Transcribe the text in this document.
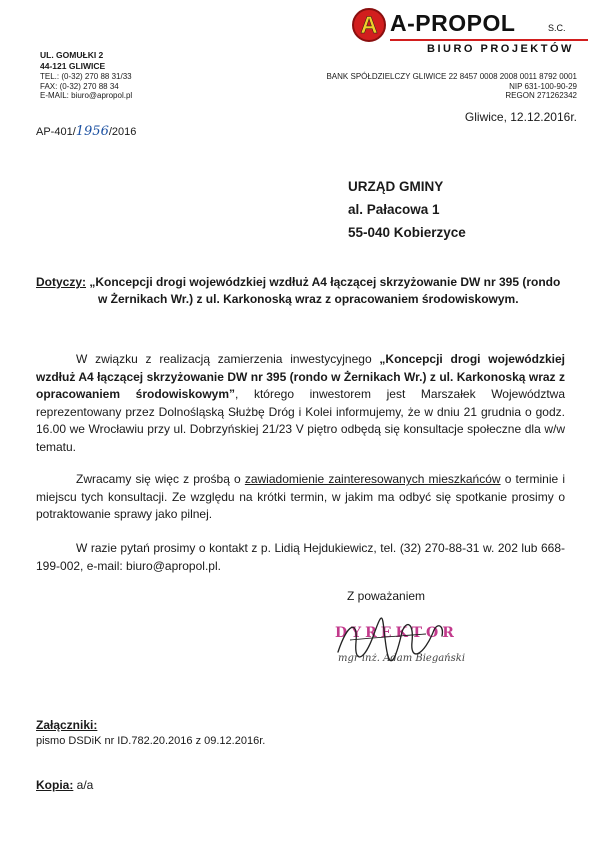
A A-PROPOL	S.C.
BIURO PROJEKTÓW
UL. GOMUŁKI 2
44-121 GLIWICE
TEL.: (0-32) 270 88 31/33
FAX: (0-32) 270 88 34
E-MAIL: biuro@apropol.pl
BANK SPÓŁDZIELCZY GLIWICE 22 8457 0008 2008 0011 8792 0001
NIP 631-100-90-29
REGON 271262342
Gliwice, 12.12.2016r.
AP-401/1956/2016
URZĄD GMINY
al. Pałacowa 1
55-040 Kobierzyce
Dotyczy: „Koncepcji drogi wojewódzkiej wzdłuż A4 łączącej skrzyżowanie DW nr 395 (rondo
w Żernikach Wr.) z ul. Karkonoską wraz z opracowaniem środowiskowym.
W związku z realizacją zamierzenia inwestycyjnego „Koncepcji drogi wojewódzkiej wzdłuż A4 łączącej skrzyżowanie DW nr 395 (rondo w Żernikach Wr.) z ul. Karkonoską wraz z opracowaniem środowiskowym”, którego inwestorem jest Marszałek Województwa reprezentowany przez Dolnośląską Służbę Dróg i Kolei informujemy, że w dniu 21 grudnia o godz. 16.00 we Wrocławiu przy ul. Dobrzyńskiej 21/23 V piętro odbędą się konsultacje społeczne dla w/w tematu.
Zwracamy się więc z prośbą o zawiadomienie zainteresowanych mieszkańców o terminie i miejscu tych konsultacji. Ze względu na krótki termin, w jakim ma odbyć się spotkanie prosimy o potraktowanie sprawy jako pilnej.
W razie pytań prosimy o kontakt z p. Lidią Hejdukiewicz, tel. (32) 270-88-31 w. 202 lub 668-199-002, e-mail: biuro@apropol.pl.
Z poważaniem
DYREKTOR
mgr inż. Adam Biegański
Załączniki:
pismo DSDiK nr ID.782.20.2016 z 09.12.2016r.
Kopia: a/a
